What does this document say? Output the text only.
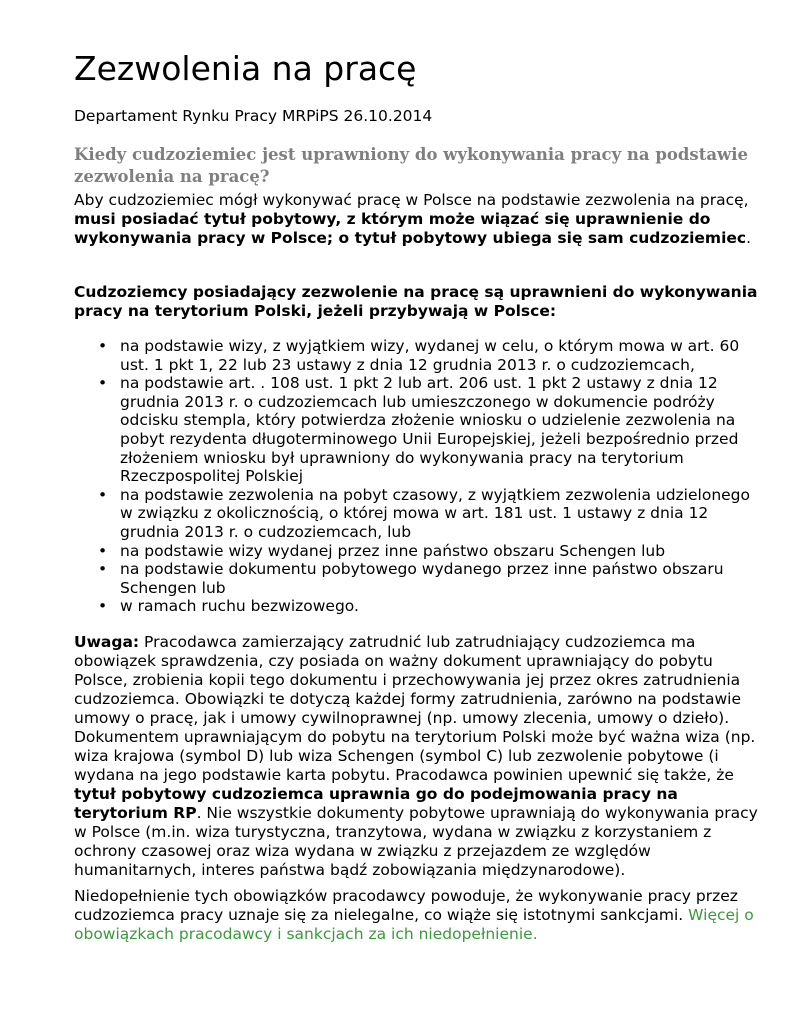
Zezwolenia na pracę

Departament Rynku Pracy MRPiPS 26.10.2014

Kiedy cudzoziemiec jest uprawniony do wykonywania pracy na podstawie zezwolenia na pracę?

Aby cudzoziemiec mógł wykonywać pracę w Polsce na podstawie zezwolenia na pracę, musi posiadać tytuł pobytowy, z którym może wiązać się uprawnienie do wykonywania pracy w Polsce; o tytuł pobytowy ubiega się sam cudzoziemiec.

Cudzoziemcy posiadający zezwolenie na pracę są uprawnieni do wykonywania pracy na terytorium Polski, jeżeli przybywają w Polsce:

• na podstawie wizy, z wyjątkiem wizy, wydanej w celu, o którym mowa w art. 60 ust. 1 pkt 1, 22 lub 23 ustawy z dnia 12 grudnia 2013 r. o cudzoziemcach,
• na podstawie art. . 108 ust. 1 pkt 2 lub art. 206 ust. 1 pkt 2 ustawy z dnia 12 grudnia 2013 r. o cudzoziemcach lub umieszczonego w dokumencie podróży odcisku stempla, który potwierdza złożenie wniosku o udzielenie zezwolenia na pobyt rezydenta długoterminowego Unii Europejskiej, jeżeli bezpośrednio przed złożeniem wniosku był uprawniony do wykonywania pracy na terytorium Rzeczpospolitej Polskiej
• na podstawie zezwolenia na pobyt czasowy, z wyjątkiem zezwolenia udzielonego w związku z okolicznością, o której mowa w art. 181 ust. 1 ustawy z dnia 12 grudnia 2013 r. o cudzoziemcach, lub
• na podstawie wizy wydanej przez inne państwo obszaru Schengen lub
• na podstawie dokumentu pobytowego wydanego przez inne państwo obszaru Schengen lub
• w ramach ruchu bezwizowego.

Uwaga: Pracodawca zamierzający zatrudnić lub zatrudniający cudzoziemca ma obowiązek sprawdzenia, czy posiada on ważny dokument uprawniający do pobytu Polsce, zrobienia kopii tego dokumentu i przechowywania jej przez okres zatrudnienia cudzoziemca. Obowiązki te dotyczą każdej formy zatrudnienia, zarówno na podstawie umowy o pracę, jak i umowy cywilnoprawnej (np. umowy zlecenia, umowy o dzieło). Dokumentem uprawniającym do pobytu na terytorium Polski może być ważna wiza (np. wiza krajowa (symbol D) lub wiza Schengen (symbol C) lub zezwolenie pobytowe (i wydana na jego podstawie karta pobytu. Pracodawca powinien upewnić się także, że tytuł pobytowy cudzoziemca uprawnia go do podejmowania pracy na terytorium RP. Nie wszystkie dokumenty pobytowe uprawniają do wykonywania pracy w Polsce (m.in. wiza turystyczna, tranzytowa, wydana w związku z korzystaniem z ochrony czasowej oraz wiza wydana w związku z przejazdem ze względów humanitarnych, interes państwa bądź zobowiązania międzynarodowe).

Niedopełnienie tych obowiązków pracodawcy powoduje, że wykonywanie pracy przez cudzoziemca pracy uznaje się za nielegalne, co wiąże się istotnymi sankcjami. Więcej o obowiązkach pracodawcy i sankcjach za ich niedopełnienie.
